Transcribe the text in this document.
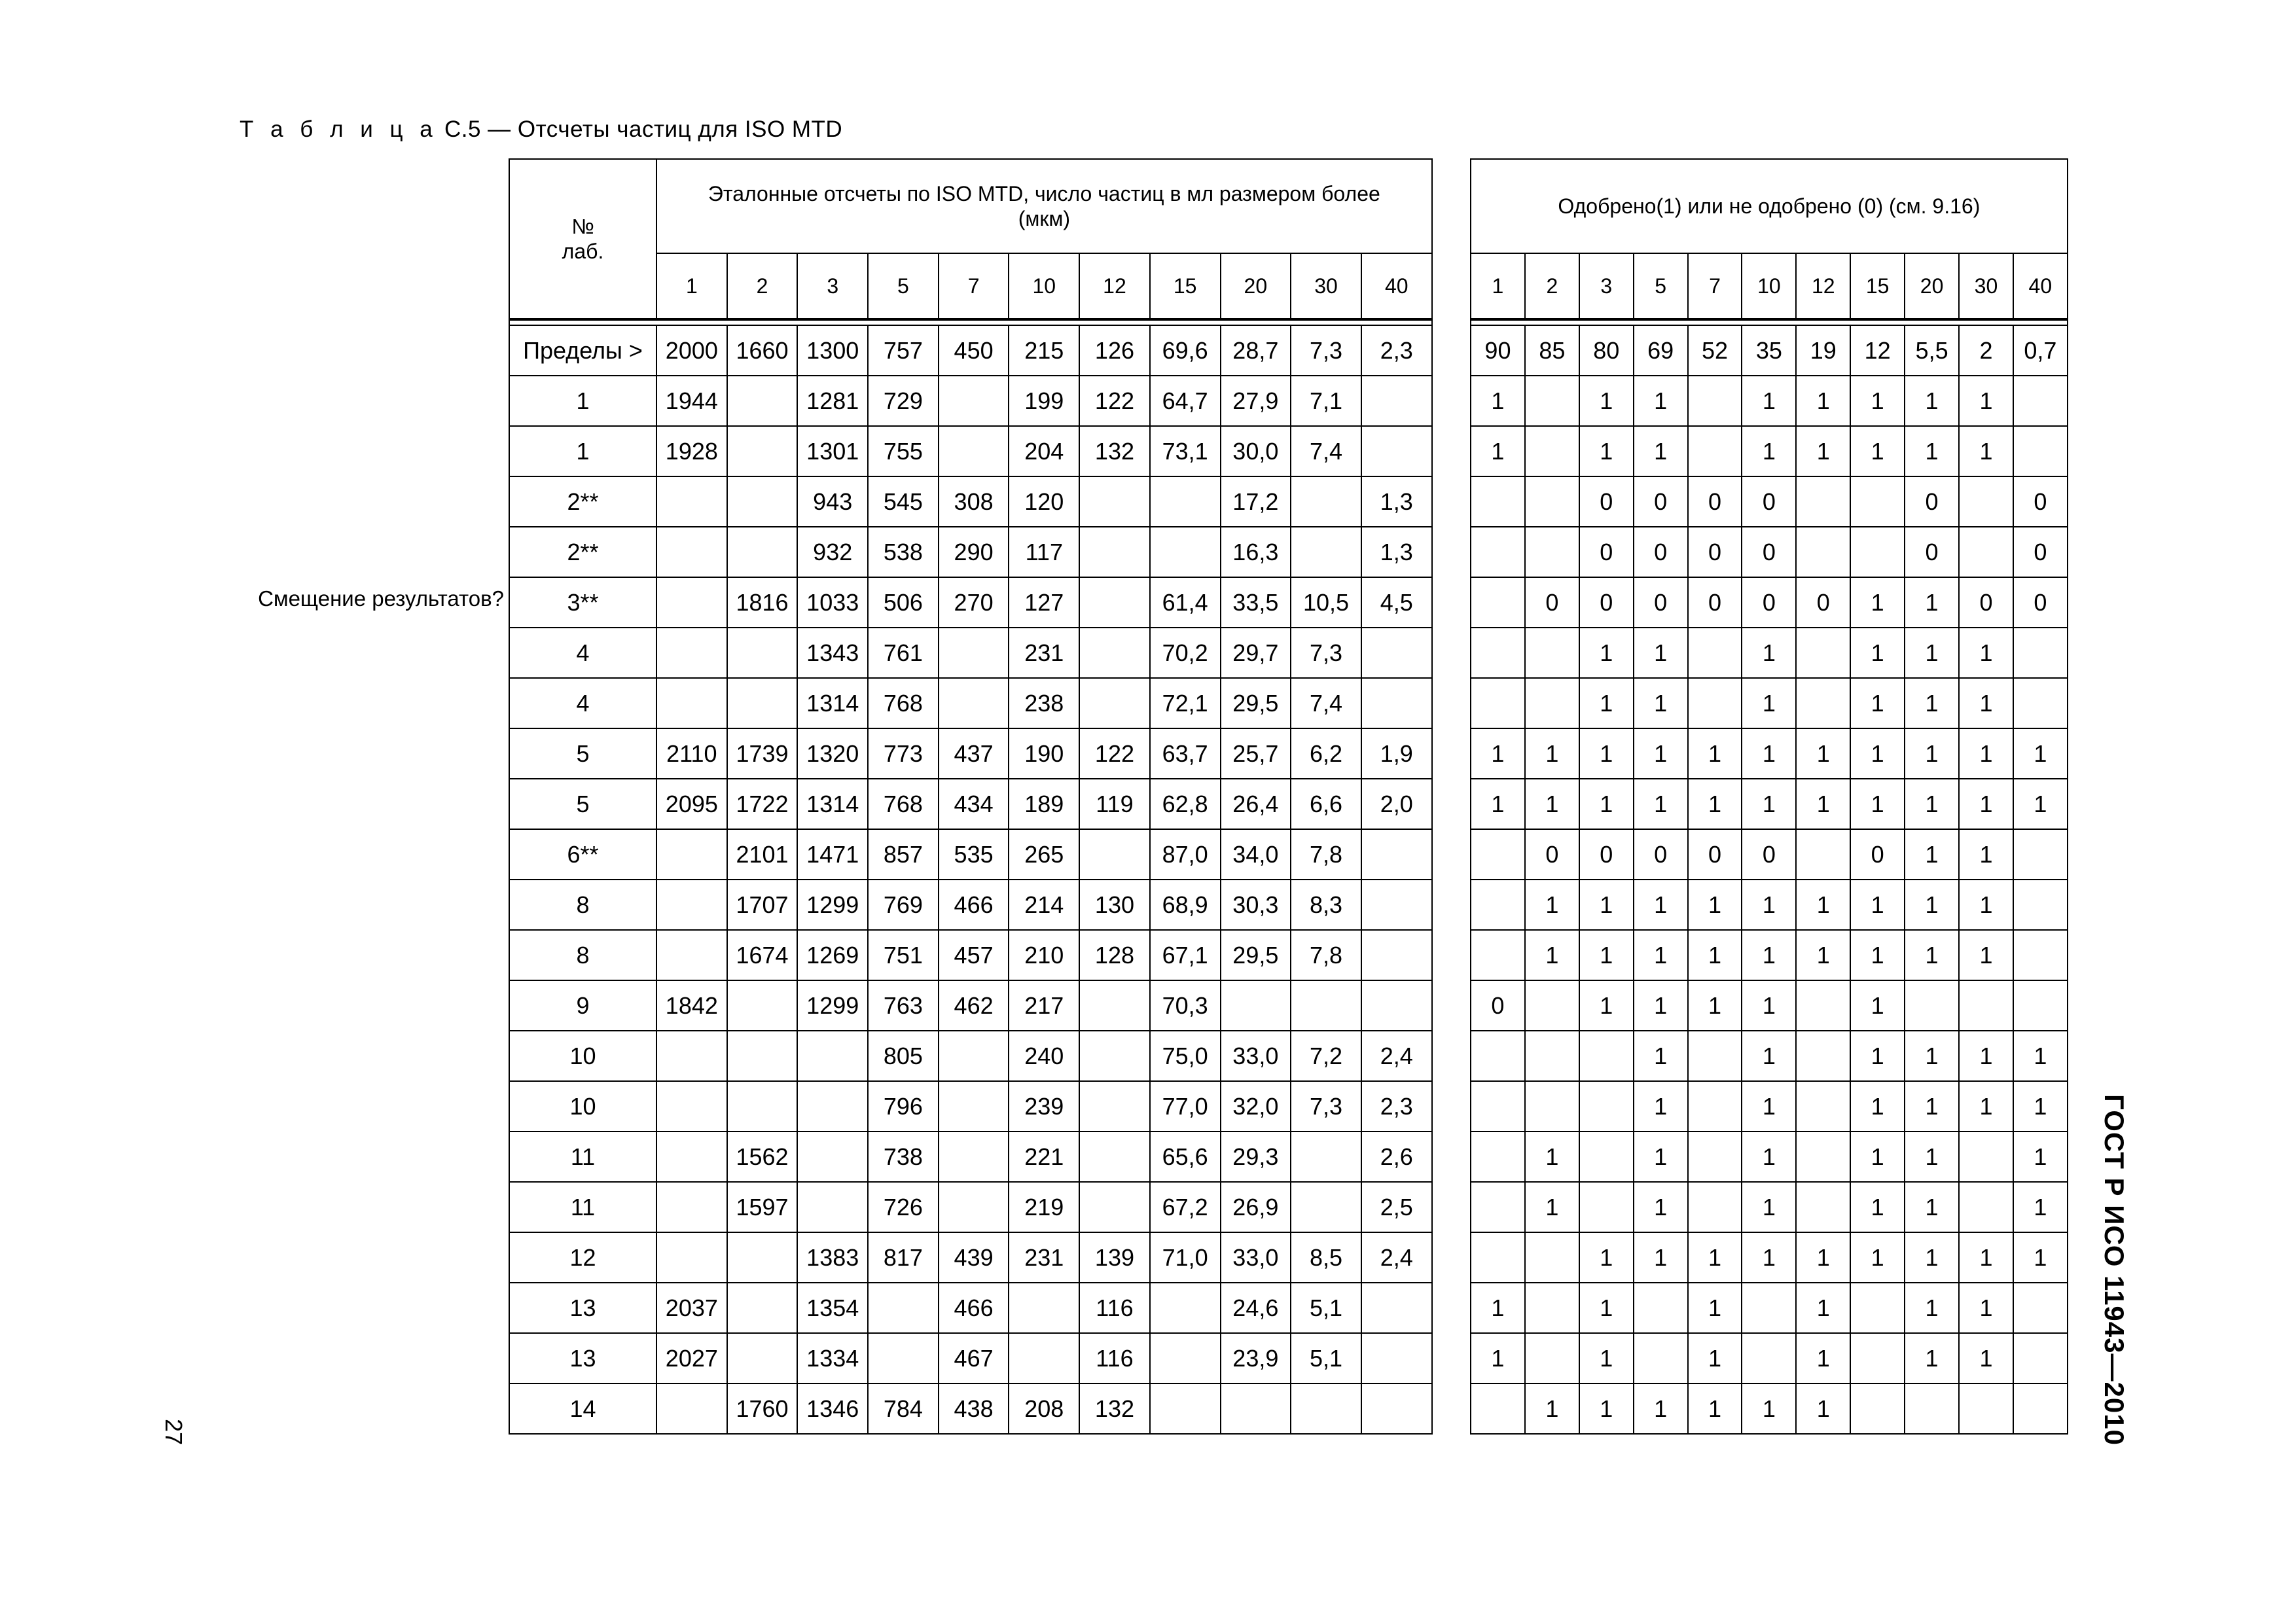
Т а б л и ц а С.5 — Отсчеты частиц для ISO MTD
Смещение результатов?
27	ГОСТ Р ИСО 11943—2010
№
лаб.	Эталонные отсчеты по ISO MTD, число частиц в мл размером более (мкм)										
	1	2	3	5	7	10	12	15	20	30	40

Пределы >	2000	1660	1300	757	450	215	126	69,6	28,7	7,3	2,3
1	1944		1281	729		199	122	64,7	27,9	7,1	
1	1928		1301	755		204	132	73,1	30,0	7,4	
2**			943	545	308	120			17,2		1,3
2**			932	538	290	117			16,3		1,3
3**		1816	1033	506	270	127		61,4	33,5	10,5	4,5
4			1343	761		231		70,2	29,7	7,3	
4			1314	768		238		72,1	29,5	7,4	
5	2110	1739	1320	773	437	190	122	63,7	25,7	6,2	1,9
5	2095	1722	1314	768	434	189	119	62,8	26,4	6,6	2,0
6**		2101	1471	857	535	265		87,0	34,0	7,8	
8		1707	1299	769	466	214	130	68,9	30,3	8,3	
8		1674	1269	751	457	210	128	67,1	29,5	7,8	
9	1842		1299	763	462	217		70,3			
10				805		240		75,0	33,0	7,2	2,4
10				796		239		77,0	32,0	7,3	2,3
11		1562		738		221		65,6	29,3		2,6
11		1597		726		219		67,2	26,9		2,5
12			1383	817	439	231	139	71,0	33,0	8,5	2,4
13	2037		1354		466		116		24,6	5,1	
13	2027		1334		467		116		23,9	5,1	
14		1760	1346	784	438	208	132				
Одобрено(1) или не одобрено (0) (см. 9.16)										
1	2	3	5	7	10	12	15	20	30	40

90	85	80	69	52	35	19	12	5,5	2	0,7
1		1	1		1	1	1	1	1	
1		1	1		1	1	1	1	1	
		0	0	0	0			0		0
		0	0	0	0			0		0
	0	0	0	0	0	0	1	1	0	0
		1	1		1		1	1	1	
		1	1		1		1	1	1	
1	1	1	1	1	1	1	1	1	1	1
1	1	1	1	1	1	1	1	1	1	1
	0	0	0	0	0		0	1	1	
	1	1	1	1	1	1	1	1	1	
	1	1	1	1	1	1	1	1	1	
0		1	1	1	1		1			
			1		1		1	1	1	1
			1		1		1	1	1	1
	1		1		1		1	1		1
	1		1		1		1	1		1
		1	1	1	1	1	1	1	1	1
1		1		1		1		1	1	
1		1		1		1		1	1	
	1	1	1	1	1	1				
